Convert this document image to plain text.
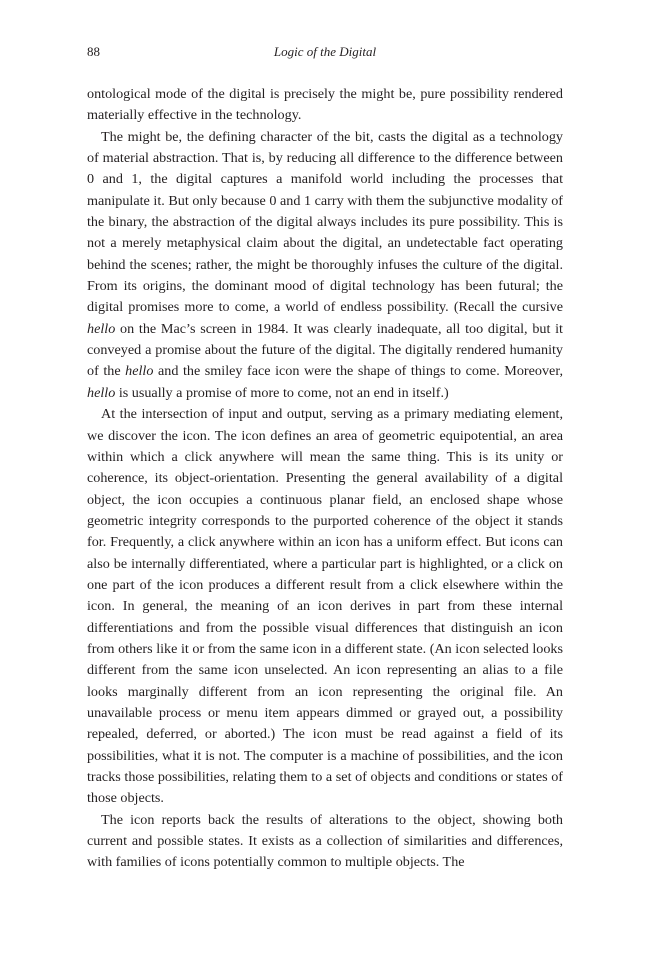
88	Logic of the Digital

ontological mode of the digital is precisely the might be, pure possibility rendered materially effective in the technology.

The might be, the defining character of the bit, casts the digital as a technology of material abstraction. That is, by reducing all difference to the difference between 0 and 1, the digital captures a manifold world including the processes that manipulate it. But only because 0 and 1 carry with them the subjunctive modality of the binary, the abstraction of the digital always includes its pure possibility. This is not a merely metaphysical claim about the digital, an undetectable fact operating behind the scenes; rather, the might be thoroughly infuses the culture of the digital. From its origins, the dominant mood of digital technology has been futural; the digital promises more to come, a world of endless possibility. (Recall the cursive hello on the Mac’s screen in 1984. It was clearly inadequate, all too digital, but it conveyed a promise about the future of the digital. The digitally rendered humanity of the hello and the smiley face icon were the shape of things to come. Moreover, hello is usually a promise of more to come, not an end in itself.)

At the intersection of input and output, serving as a primary mediating element, we discover the icon. The icon defines an area of geometric equipotential, an area within which a click anywhere will mean the same thing. This is its unity or coherence, its object-orientation. Presenting the general availability of a digital object, the icon occupies a continuous planar field, an enclosed shape whose geometric integrity corresponds to the purported coherence of the object it stands for. Frequently, a click anywhere within an icon has a uniform effect. But icons can also be internally differentiated, where a particular part is highlighted, or a click on one part of the icon produces a different result from a click elsewhere within the icon. In general, the meaning of an icon derives in part from these internal differentiations and from the possible visual differences that distinguish an icon from others like it or from the same icon in a different state. (An icon selected looks different from the same icon unselected. An icon representing an alias to a file looks marginally different from an icon representing the original file. An unavailable process or menu item appears dimmed or grayed out, a possibility repealed, deferred, or aborted.) The icon must be read against a field of its possibilities, what it is not. The computer is a machine of possibilities, and the icon tracks those possibilities, relating them to a set of objects and conditions or states of those objects.

The icon reports back the results of alterations to the object, showing both current and possible states. It exists as a collection of similarities and differences, with families of icons potentially common to multiple objects. The
